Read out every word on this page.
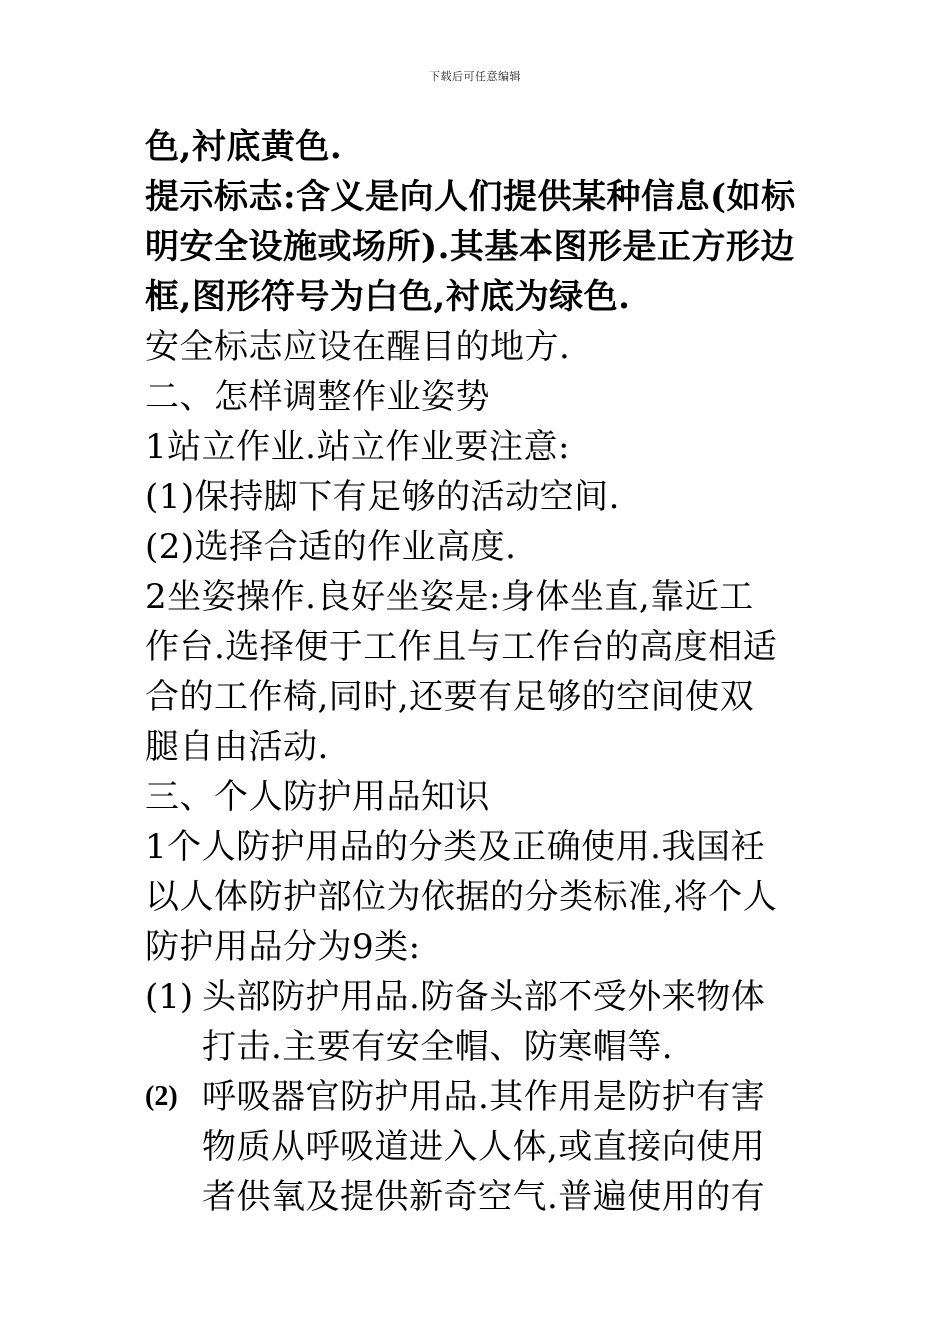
下载后可任意编辑
色,衬底黄色.
提示标志:含义是向人们提供某种信息(如标
明安全设施或场所).其基本图形是正方形边
框,图形符号为白色,衬底为绿色.
安全标志应设在醒目的地方.
二、怎样调整作业姿势
1站立作业.站立作业要注意:
(1)保持脚下有足够的活动空间.
(2)选择合适的作业高度.
2坐姿操作.良好坐姿是:身体坐直,靠近工
作台.选择便于工作且与工作台的高度相适
合的工作椅,同时,还要有足够的空间使双
腿自由活动.
三、个人防护用品知识
1个人防护用品的分类及正确使用.我国衽
以人体防护部位为依据的分类标准,将个人
防护用品分为9类:
(1) 头部防护用品.防备头部不受外来物体
打击.主要有安全帽、防寒帽等.
(2) 呼吸器官防护用品.其作用是防护有害
物质从呼吸道进入人体,或直接向使用
者供氧及提供新奇空气.普遍使用的有
